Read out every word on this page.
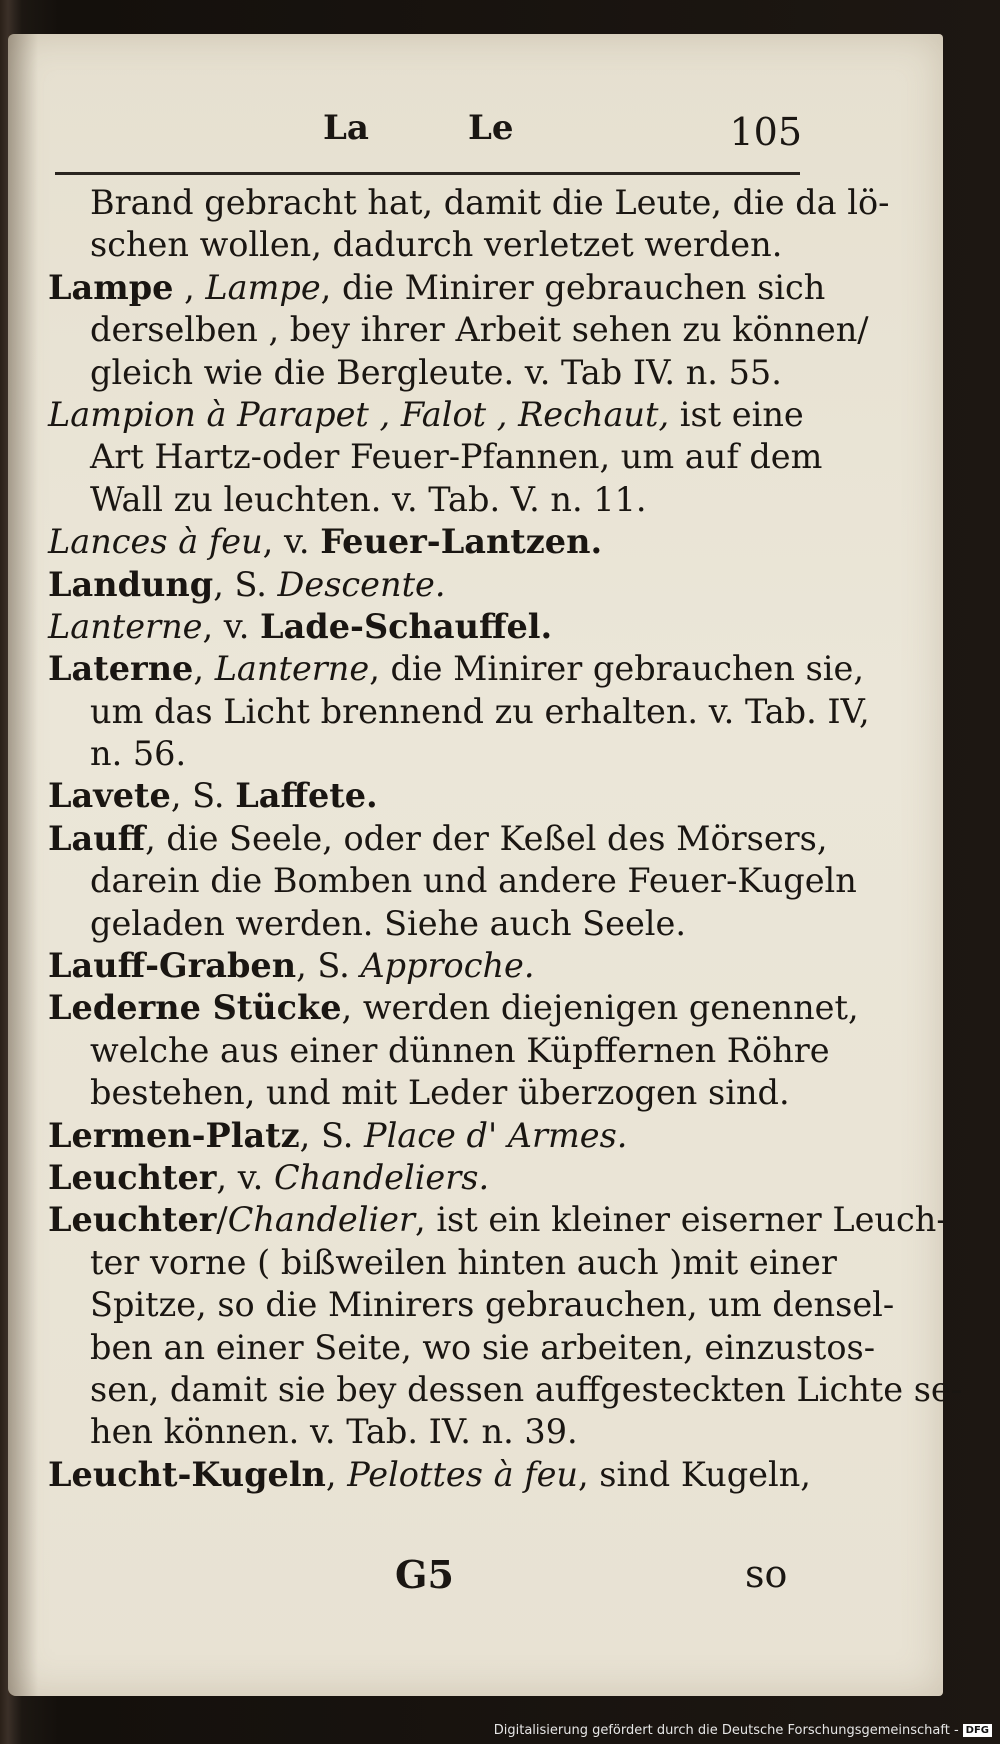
La	Le	105
Brand gebracht hat, damit die Leute, die da lö-
schen wollen, dadurch verletzet werden.
Lampe , Lampe, die Minirer gebrauchen sich
derselben , bey ihrer Arbeit sehen zu können/
gleich wie die Bergleute. v. Tab IV. n. 55.
Lampion à Parapet , Falot , Rechaut, ist eine
Art Hartz-oder Feuer-Pfannen, um auf dem
Wall zu leuchten. v. Tab. V. n. 11.
Lances à feu, v. Feuer-Lantzen.
Landung, S. Descente.
Lanterne, v. Lade-Schauffel.
Laterne, Lanterne, die Minirer gebrauchen sie,
um das Licht brennend zu erhalten. v. Tab. IV,
n. 56.
Lavete, S. Laffete.
Lauff, die Seele, oder der Keßel des Mörsers,
darein die Bomben und andere Feuer-Kugeln
geladen werden. Siehe auch Seele.
Lauff-Graben, S. Approche.
Lederne Stücke, werden diejenigen genennet,
welche aus einer dünnen Küpffernen Röhre
bestehen, und mit Leder überzogen sind.
Lermen-Platz, S. Place d' Armes.
Leuchter, v. Chandeliers.
Leuchter/Chandelier, ist ein kleiner eiserner Leuch-
ter vorne ( bißweilen hinten auch )mit einer
Spitze, so die Minirers gebrauchen, um densel-
ben an einer Seite, wo sie arbeiten, einzustos-
sen, damit sie bey dessen auffgesteckten Lichte se-
hen können. v. Tab. IV. n. 39.
Leucht-Kugeln, Pelottes à feu, sind Kugeln,
G5	so
Digitalisierung gefördert durch die Deutsche Forschungsgemeinschaft - DFG
